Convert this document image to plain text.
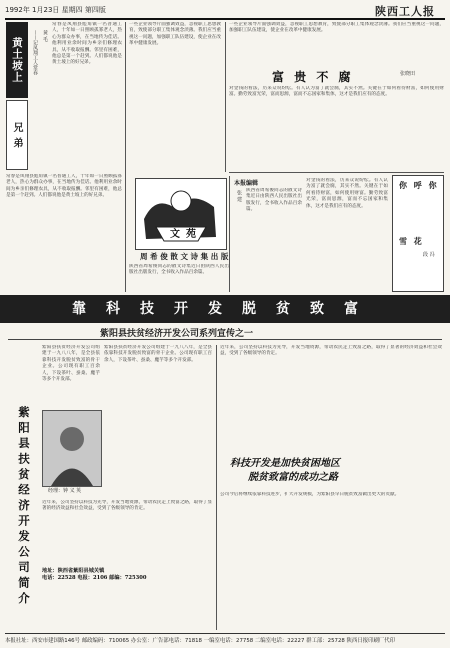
1992年 1月23日 星期四 第四版	陕西工人报
黄土坡上
兄 弟
——记凤翔工人常春 黄 毛
常春是凤翔县彪角镇一名普通工人，十年如一日照顾孤寡老人，热心为群众办事，在当地传为佳话。他利用业余时间为乡亲们修理农具，从不收取报酬。邻里有困难，他总是第一个赶到。人们都说他是黄土坡上的好兄弟。
常春是凤翔县彪角镇一名普通工人，十年如一日照顾孤寡老人，热心为群众办事，在当地传为佳话。他利用业余时间为乡亲们修理农具，从不收取报酬。邻里有困难，他总是第一个赶到。人们都说他是黄土坡上的好兄弟。
一些企业领导片面强调效益，忽视职工思想教育，致使部分职工集体观念淡薄。我们应当重视这一问题，加强职工队伍建设，使企业在改革中健康发展。
一些企业领导片面强调效益，忽视职工思想教育，致使部分职工集体观念淡薄。我们应当重视这一问题，加强职工队伍建设，使企业在改革中健康发展。
富 贵 不 腐	张晓田
对金钱的看法，历来众说纷纭。有人认为富了就会腐，其实不然。关键在于如何看待财富，如何使用财富。勤劳致富光荣，富而思源，富而不忘国家和集体，这才是我们应有的态度。
文 苑
周 希 俊 散 文 诗 集 出 版
陕西省周希俊同志的散文诗集近日由陕西人民出版社出版发行，全书收入作品百余篇。
本报编辑
张 建 陕西省周希俊同志的散文诗集近日由陕西人民出版社出版发行，全书收入作品百余篇。
对金钱的看法，历来众说纷纭。有人认为富了就会腐，其实不然。关键在于如何看待财富，如何使用财富。勤劳致富光荣，富而思源，富而不忘国家和集体，这才是我们应有的态度。
你 呼 你
雪 花
段 冯
靠科技开发脱贫致富
紫阳县扶贫经济开发公司系列宣传之一
紫阳县扶贫经济开发公司简介	经理：钟 义 英
紫阳县扶贫经济开发公司组建于一九八八年，是全县依靠科技开发脱贫致富的骨干企业。公司现有职工百余人，下设茶叶、蚕桑、魔芋等多个开发部。
紫阳县扶贫经济开发公司组建于一九八八年，是全县依靠科技开发脱贫致富的骨干企业。公司现有职工百余人，下设茶叶、蚕桑、魔芋等多个开发部。
近年来，公司坚持以科技为先导，开发当地资源，带动农民走上致富之路，取得了显著的经济效益和社会效益，受到了各级领导的肯定。
科技开发是加快贫困地区
脱贫致富的成功之路
公司今后将继续依靠科技进步，扩大开发规模，为紫阳县早日脱贫致富做出更大的贡献。
近年来，公司坚持以科技为先导，开发当地资源，带动农民走上致富之路，取得了显著的经济效益和社会效益，受到了各级领导的肯定。
地址：陕西省紫阳县城关镇
电话：22528 电报：2106 邮编：725300
本报社址：西安市建国路146号 邮政编码：710065 办公室：广告部电话：71818 一编室电话：27758 二编室电话：22227 群工部：25728 陕西日报印刷厂代印
